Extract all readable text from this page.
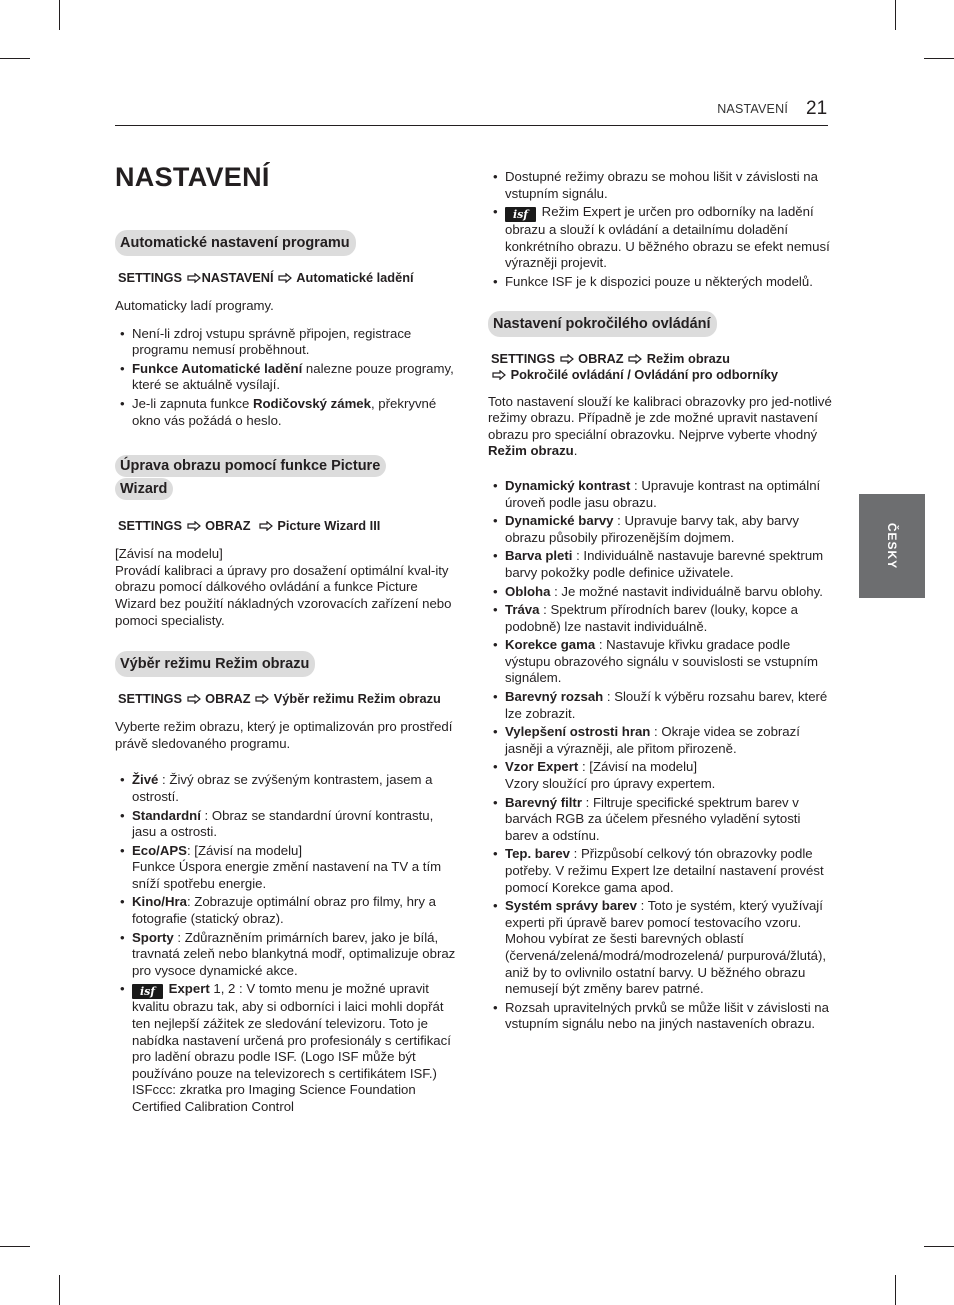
NASTAVENÍ 21
ČESKY
NASTAVENÍ
Automatické nastavení programu
SETTINGS NASTAVENÍ Automatické ladění

Automaticky ladí programy.

• Není-li zdroj vstupu správně připojen, registrace programu nemusí proběhnout.
• Funkce Automatické ladění nalezne pouze programy, které se aktuálně vysílají.
• Je-li zapnuta funkce Rodičovský zámek, překryvné okno vás požádá o heslo.
Úprava obrazu pomocí funkce Picture Wizard
SETTINGS OBRAZ Picture Wizard III

[Závisí na modelu]
Provádí kalibraci a úpravy pro dosažení optimální kval-ity obrazu pomocí dálkového ovládání a funkce Picture Wizard bez použití nákladných vzorovacích zařízení nebo pomoci specialisty.

Výběr režimu Režim obrazu
SETTINGS OBRAZ Výběr režimu Režim obrazu

Vyberte režim obrazu, který je optimalizován pro prostředí právě sledovaného programu.

• Živé : Živý obraz se zvýšeným kontrastem, jasem a ostrostí.
• Standardní : Obraz se standardní úrovní kontrastu, jasu a ostrosti.
• Eco/APS: [Závisí na modelu]
Funkce Úspora energie změní nastavení na TV a tím sníží spotřebu energie.
• Kino/Hra: Zobrazuje optimální obraz pro filmy, hry a fotografie (statický obraz).
• Sporty : Zdůrazněním primárních barev, jako je bílá, travnatá zeleň nebo blankytná modř, optimalizuje obraz pro vysoce dynamické akce.
• isf Expert 1, 2 : V tomto menu je možné upravit kvalitu obrazu tak, aby si odborníci i laici mohli dopřát ten nejlepší zážitek ze sledování televizoru. Toto je nabídka nastavení určená pro profesionály s certifikací pro ladění obrazu podle ISF. (Logo ISF může být používáno pouze na televizorech s certifikátem ISF.) ISFccc: zkratka pro Imaging Science Foundation Certified Calibration Control
• Dostupné režimy obrazu se mohou lišit v závislosti na vstupním signálu.
• isf Režim Expert je určen pro odborníky na ladění obrazu a slouží k ovládání a detailnímu doladění konkrétního obrazu. U běžného obrazu se efekt nemusí výrazněji projevit.
• Funkce ISF je k dispozici pouze u některých modelů.
Nastavení pokročilého ovládání
SETTINGS OBRAZ Režim obrazu
Pokročilé ovládání / Ovládání pro odborníky

Toto nastavení slouží ke kalibraci obrazovky pro jed-notlivé režimy obrazu. Případně je zde možné upravit nastavení obrazu pro speciální obrazovku. Nejprve vyberte vhodný Režim obrazu.

• Dynamický kontrast : Upravuje kontrast na optimální úroveň podle jasu obrazu.
• Dynamické barvy : Upravuje barvy tak, aby barvy obrazu působily přirozenějším dojmem.
• Barva pleti : Individuálně nastavuje barevné spektrum barvy pokožky podle definice uživatele.
• Obloha : Je možné nastavit individuálně barvu oblohy.
• Tráva : Spektrum přírodních barev (louky, kopce a podobně) lze nastavit individuálně.
• Korekce gama : Nastavuje křivku gradace podle výstupu obrazového signálu v souvislosti se vstupním signálem.
• Barevný rozsah : Slouží k výběru rozsahu barev, které lze zobrazit.
• Vylepšení ostrosti hran : Okraje videa se zobrazí jasněji a výrazněji, ale přitom přirozeně.
• Vzor Expert : [Závisí na modelu]
Vzory sloužící pro úpravy expertem.
• Barevný filtr : Filtruje specifické spektrum barev v barvách RGB za účelem přesného vyladění sytosti barev a odstínu.
• Tep. barev : Přizpůsobí celkový tón obrazovky podle potřeby. V režimu Expert lze detailní nastavení provést pomocí Korekce gama apod.
• Systém správy barev : Toto je systém, který využívají experti při úpravě barev pomocí testovacího vzoru. Mohou vybírat ze šesti barevných oblastí (červená/zelená/modrá/modrozelená/ purpurová/žlutá), aniž by to ovlivnilo ostatní barvy. U běžného obrazu nemusejí být změny barev patrné.
• Rozsah upravitelných prvků se může lišit v závislosti na vstupním signálu nebo na jiných nastaveních obrazu.
